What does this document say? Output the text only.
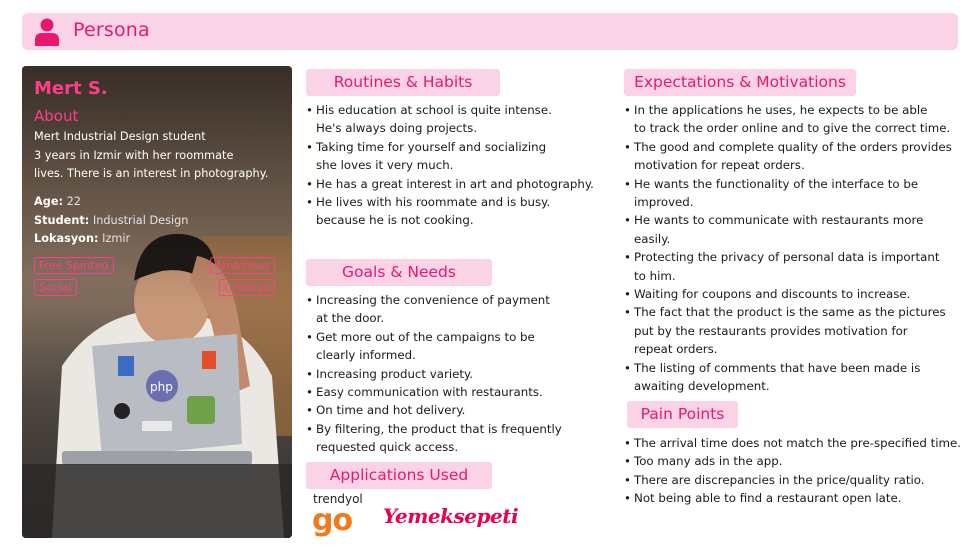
Persona
php
Mert S.
About
Mert Industrial Design student
3 years in Izmir with her roommate
lives. There is an interest in photography.
Age: 22
Student: Industrial Design
Lokasyon: Izmir
Free Spirited	Ambitious
Social	Creative
Routines & Habits
• His education at school is quite intense.
He's always doing projects.
• Taking time for yourself and socializing
she loves it very much.
• He has a great interest in art and photography.
• He lives with his roommate and is busy.
because he is not cooking.
Goals & Needs
• Increasing the convenience of payment
at the door.
• Get more out of the campaigns to be
clearly informed.
• Increasing product variety.
• Easy communication with restaurants.
• On time and hot delivery.
• By filtering, the product that is frequently
requested quick access.
Applications Used
trendyol
go Yemeksepeti
Expectations & Motivations
• In the applications he uses, he expects to be able
to track the order online and to give the correct time.
• The good and complete quality of the orders provides
motivation for repeat orders.
• He wants the functionality of the interface to be
improved.
• He wants to communicate with restaurants more
easily.
• Protecting the privacy of personal data is important
to him.
• Waiting for coupons and discounts to increase.
• The fact that the product is the same as the pictures
put by the restaurants provides motivation for
repeat orders.
• The listing of comments that have been made is
awaiting development.
Pain Points
• The arrival time does not match the pre-specified time.
• Too many ads in the app.
• There are discrepancies in the price/quality ratio.
• Not being able to find a restaurant open late.
